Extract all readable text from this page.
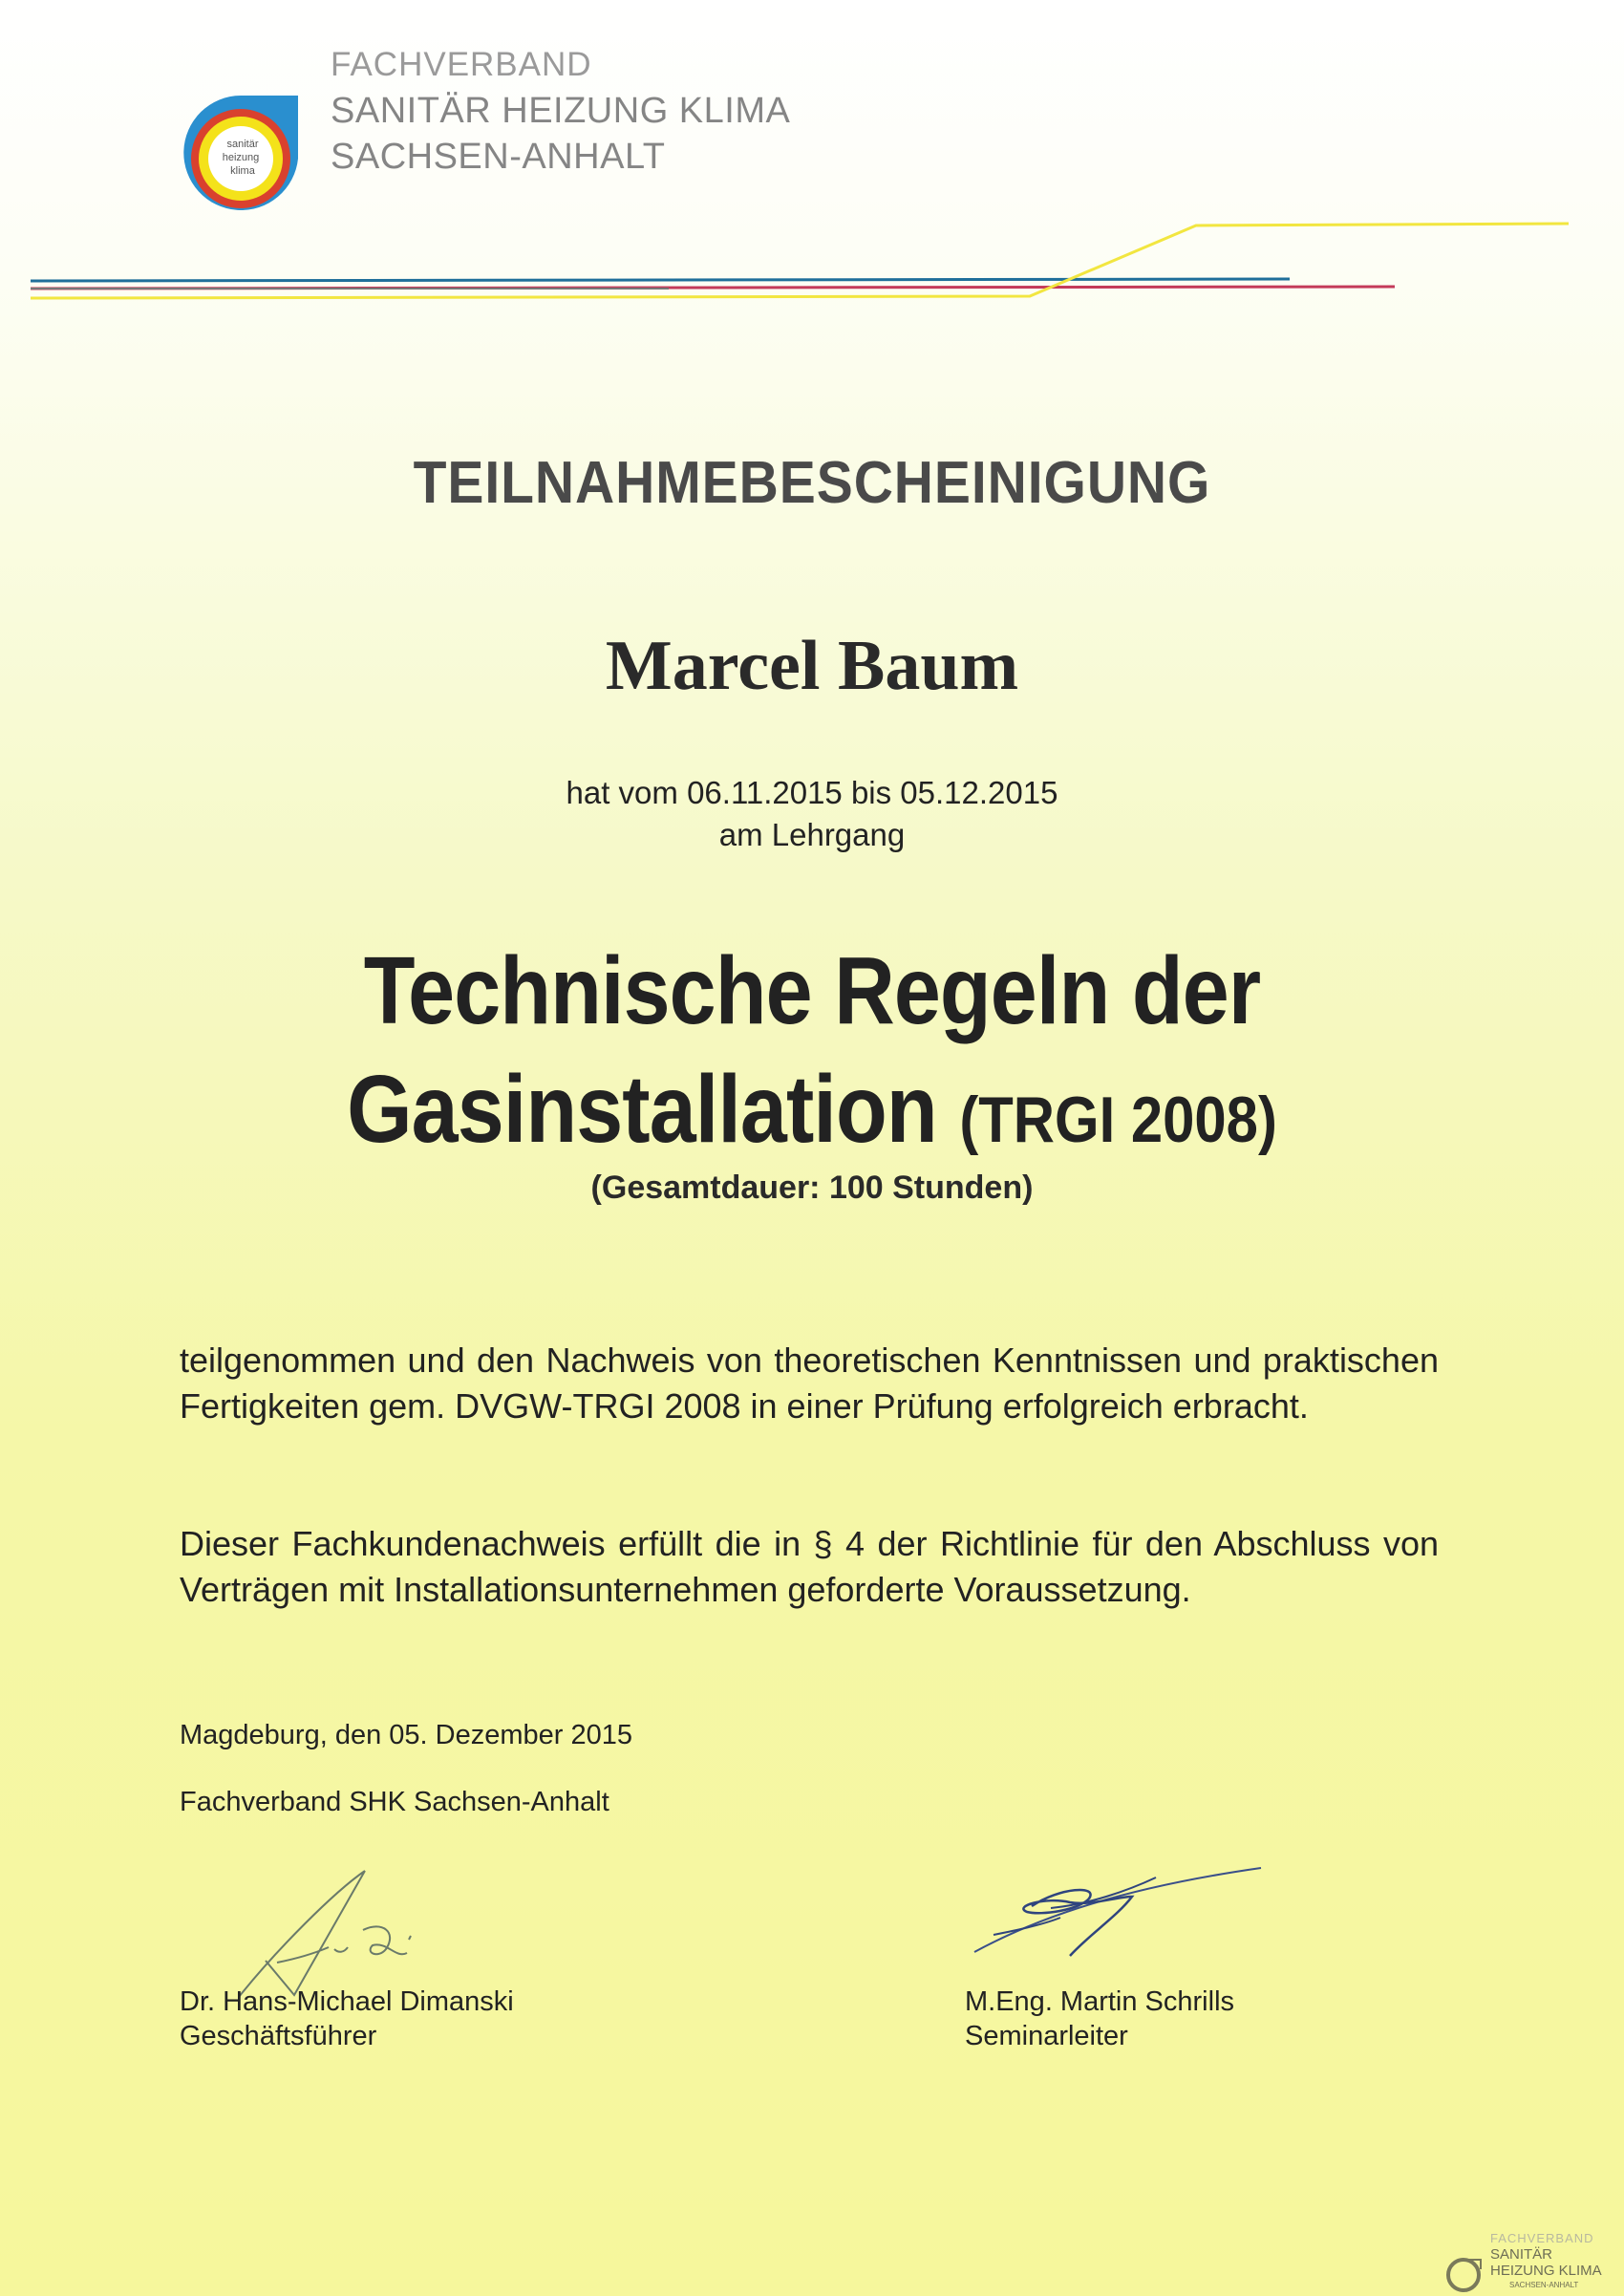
sanitär
heizung
klima
FACHVERBAND
SANITÄR HEIZUNG KLIMA
SACHSEN-ANHALT
TEILNAHMEBESCHEINIGUNG
Marcel Baum
hat vom 06.11.2015 bis 05.12.2015
am Lehrgang
Technische Regeln der
Gasinstallation (TRGI 2008)
(Gesamtdauer: 100 Stunden)
teilgenommen und den Nachweis von theoretischen Kenntnissen und praktischen Fertigkeiten gem. DVGW-TRGI 2008 in einer Prüfung erfolgreich erbracht.
Dieser Fachkundenachweis erfüllt die in § 4 der Richtlinie für den Abschluss von Verträgen mit Installationsunternehmen geforderte Voraussetzung.
Magdeburg, den 05. Dezember 2015
Fachverband SHK Sachsen-Anhalt
Dr. Hans-Michael Dimanski
Geschäftsführer
M.Eng. Martin Schrills
Seminarleiter
FACHVERBAND
SANITÄR
HEIZUNG KLIMA
SACHSEN-ANHALT
